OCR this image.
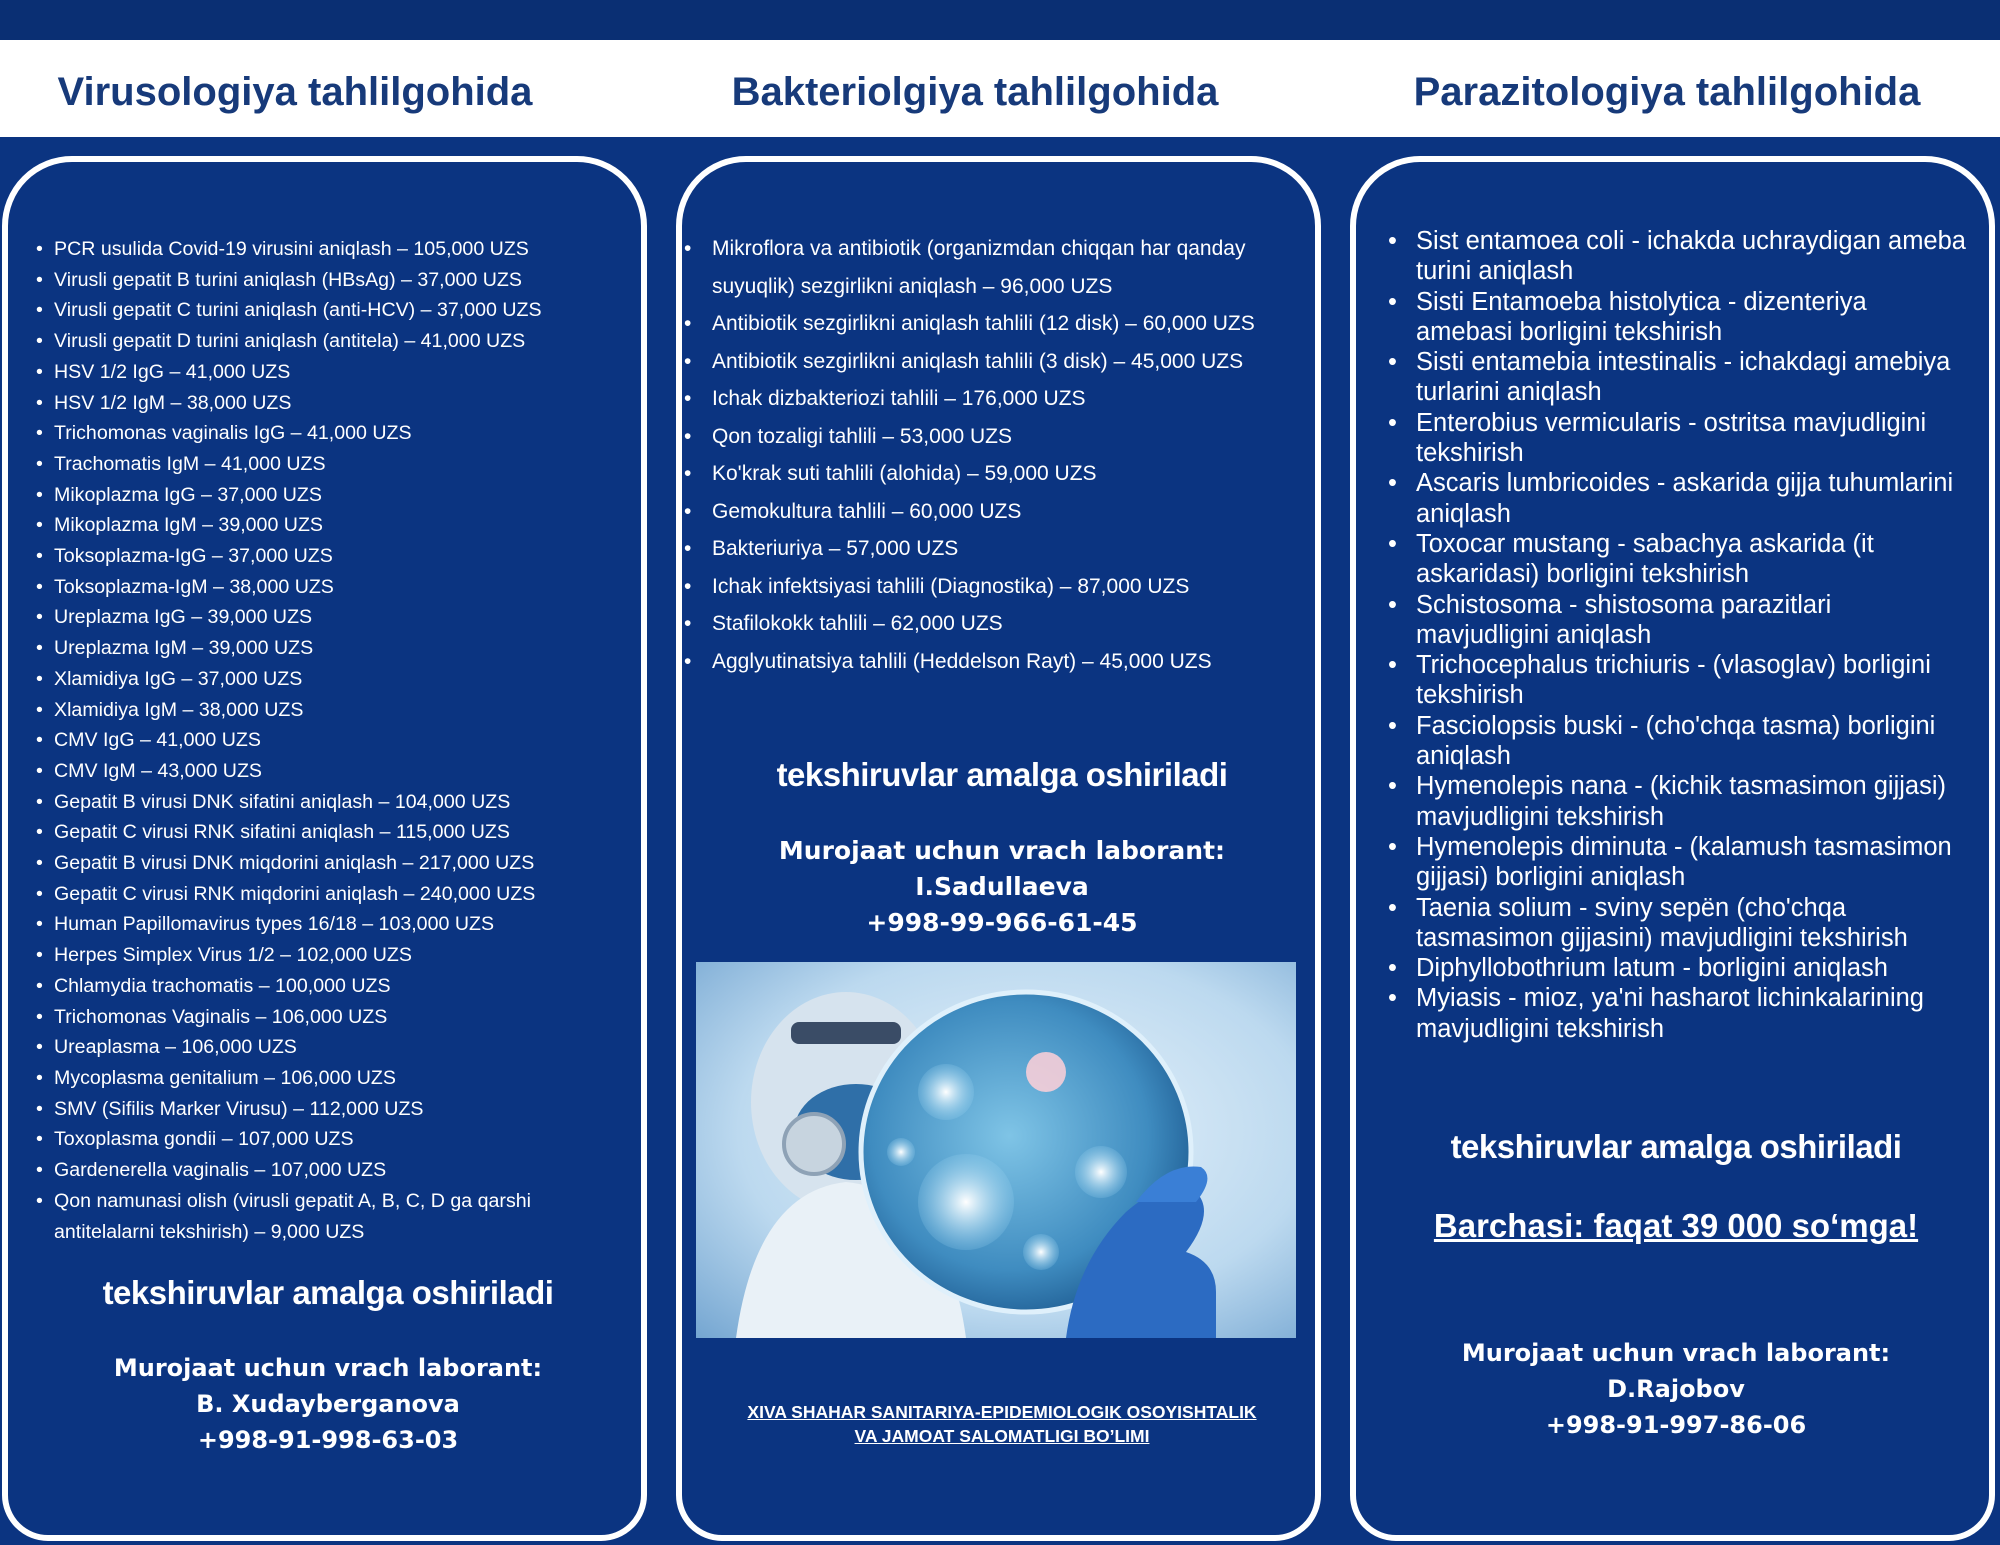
Virusologiya tahlilgohida	Bakteriolgiya tahlilgohida	Parazitologiya tahlilgohida
• PCR usulida Covid-19 virusini aniqlash – 105,000 UZS
• Virusli gepatit B turini aniqlash (HBsAg) – 37,000 UZS
• Virusli gepatit C turini aniqlash (anti-HCV) – 37,000 UZS
• Virusli gepatit D turini aniqlash (antitela) – 41,000 UZS
• HSV 1/2 IgG – 41,000 UZS
• HSV 1/2 IgM – 38,000 UZS
• Trichomonas vaginalis IgG – 41,000 UZS
• Trachomatis IgM – 41,000 UZS
• Mikoplazma IgG – 37,000 UZS
• Mikoplazma IgM – 39,000 UZS
• Toksoplazma-IgG – 37,000 UZS
• Toksoplazma-IgM – 38,000 UZS
• Ureplazma IgG – 39,000 UZS
• Ureplazma IgM – 39,000 UZS
• Xlamidiya IgG – 37,000 UZS
• Xlamidiya IgM – 38,000 UZS
• CMV IgG – 41,000 UZS
• CMV IgM – 43,000 UZS
• Gepatit B virusi DNK sifatini aniqlash – 104,000 UZS
• Gepatit C virusi RNK sifatini aniqlash – 115,000 UZS
• Gepatit B virusi DNK miqdorini aniqlash – 217,000 UZS
• Gepatit C virusi RNK miqdorini aniqlash – 240,000 UZS
• Human Papillomavirus types 16/18 – 103,000 UZS
• Herpes Simplex Virus 1/2 – 102,000 UZS
• Chlamydia trachomatis – 100,000 UZS
• Trichomonas Vaginalis – 106,000 UZS
• Ureaplasma – 106,000 UZS
• Mycoplasma genitalium – 106,000 UZS
• SMV (Sifilis Marker Virusu) – 112,000 UZS
• Toxoplasma gondii – 107,000 UZS
• Gardenerella vaginalis – 107,000 UZS
• Qon namunasi olish (virusli gepatit A, B, C, D ga qarshi antitelalarni tekshirish) – 9,000 UZS
tekshiruvlar amalga oshiriladi
Murojaat uchun vrach laborant:
B. Xudayberganova
+998-91-998-63-03
• Mikroflora va antibiotik (organizmdan chiqqan har qanday suyuqlik) sezgirlikni aniqlash – 96,000 UZS
• Antibiotik sezgirlikni aniqlash tahlili (12 disk) – 60,000 UZS
• Antibiotik sezgirlikni aniqlash tahlili (3 disk) – 45,000 UZS
• Ichak dizbakteriozi tahlili – 176,000 UZS
• Qon tozaligi tahlili – 53,000 UZS
• Ko'krak suti tahlili (alohida) – 59,000 UZS
• Gemokultura tahlili – 60,000 UZS
• Bakteriuriya – 57,000 UZS
• Ichak infektsiyasi tahlili (Diagnostika) – 87,000 UZS
• Stafilokokk tahlili – 62,000 UZS
• Agglyutinatsiya tahlili (Heddelson Rayt) – 45,000 UZS
tekshiruvlar amalga oshiriladi
Murojaat uchun vrach laborant:
I.Sadullaeva
+998-99-966-61-45
XIVA SHAHAR SANITARIYA-EPIDEMIOLOGIK OSOYISHTALIK
VA JAMOAT SALOMATLIGI BO’LIMI
• Sist entamoea coli - ichakda uchraydigan ameba turini aniqlash
• Sisti Entamoeba histolytica - dizenteriya amebasi borligini tekshirish
• Sisti entamebia intestinalis - ichakdagi amebiya turlarini aniqlash
• Enterobius vermicularis - ostritsa mavjudligini tekshirish
• Ascaris lumbricoides - askarida gijja tuhumlarini aniqlash
• Toxocar mustang - sabachya askarida (it askaridasi) borligini tekshirish
• Schistosoma - shistosoma parazitlari mavjudligini aniqlash
• Trichocephalus trichiuris - (vlasoglav) borligini tekshirish
• Fasciolopsis buski - (cho'chqa tasma) borligini aniqlash
• Hymenolepis nana - (kichik tasmasimon gijjasi) mavjudligini tekshirish
• Hymenolepis diminuta - (kalamush tasmasimon gijjasi) borligini aniqlash
• Taenia solium - sviny sepën (cho'chqa tasmasimon gijjasini) mavjudligini tekshirish
• Diphyllobothrium latum - borligini aniqlash
• Myiasis - mioz, ya'ni hasharot lichinkalarining mavjudligini tekshirish
tekshiruvlar amalga oshiriladi
Barchasi: faqat 39 000 so‘mga!
Murojaat uchun vrach laborant:
D.Rajobov
+998-91-997-86-06
